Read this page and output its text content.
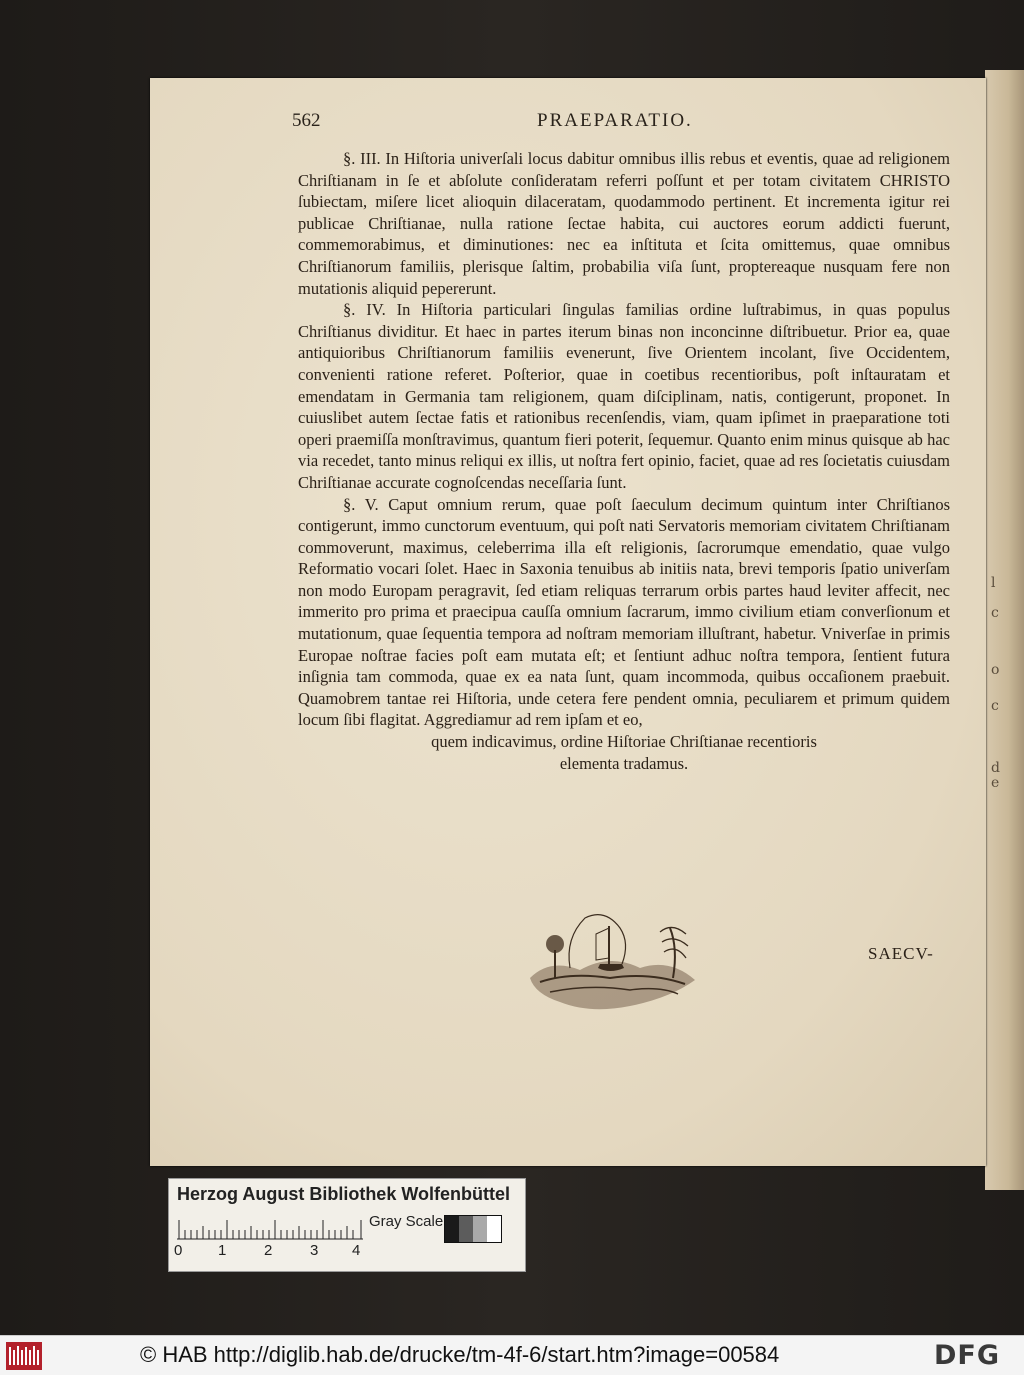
l
c
o
c
d
e
562	PRAEPARATIO.

§. III. In Hiſtoria univerſali locus dabitur omnibus illis rebus et eventis, quae ad religionem Chriſtianam in ſe et abſolute conſideratam referri poſſunt et per totam civitatem CHRISTO ſubiectam, miſere licet alioquin dilaceratam, quodammodo pertinent. Et incrementa igitur rei publicae Chriſtianae, nulla ratione ſectae habita, cui auctores eorum addicti fuerunt, commemorabimus, et diminutiones: nec ea inſtituta et ſcita omittemus, quae omnibus Chriſtianorum familiis, plerisque ſaltim, probabilia viſa ſunt, proptereaque nusquam fere non mutationis aliquid pepererunt.

§. IV. In Hiſtoria particulari ſingulas familias ordine luſtrabimus, in quas populus Chriſtianus dividitur. Et haec in partes iterum binas non inconcinne diſtribuetur. Prior ea, quae antiquioribus Chriſtianorum familiis evenerunt, ſive Orientem incolant, ſive Occidentem, convenienti ratione referet. Poſterior, quae in coetibus recentioribus, poſt inſtauratam et emendatam in Germania tam religionem, quam diſciplinam, natis, contigerunt, proponet. In cuiuslibet autem ſectae fatis et rationibus recenſendis, viam, quam ipſimet in praeparatione toti operi praemiſſa monſtravimus, quantum fieri poterit, ſequemur. Quanto enim minus quisque ab hac via recedet, tanto minus reliqui ex illis, ut noſtra fert opinio, faciet, quae ad res ſocietatis cuiusdam Chriſtianae accurate cognoſcendas neceſſaria ſunt.

§. V. Caput omnium rerum, quae poſt ſaeculum decimum quintum inter Chriſtianos contigerunt, immo cunctorum eventuum, qui poſt nati Servatoris memoriam civitatem Chriſtianam commoverunt, maximus, celeberrima illa eſt religionis, ſacrorumque emendatio, quae vulgo Reformatio vocari ſolet. Haec in Saxonia tenuibus ab initiis nata, brevi temporis ſpatio univerſam non modo Europam peragravit, ſed etiam reliquas terrarum orbis partes haud leviter affecit, nec immerito pro prima et praecipua cauſſa omnium ſacrarum, immo civilium etiam converſionum et mutationum, quae ſequentia tempora ad noſtram memoriam illuſtrant, habetur. Vniverſae in primis Europae noſtrae facies poſt eam mutata eſt; et ſentiunt adhuc noſtra tempora, ſentient futura inſignia tam commoda, quae ex ea nata ſunt, quam incommoda, quibus occaſionem praebuit. Quamobrem tantae rei Hiſtoria, unde cetera fere pendent omnia, peculiarem et primum quidem locum ſibi flagitat. Aggrediamur ad rem ipſam et eo,

quem indicavimus, ordine Hiſtoriae Chriſtianae recentioris
elementa tradamus.
SAECV-
Herzog August Bibliothek Wolfenbüttel
Gray Scale
0 1	2	3 4
© HAB http://diglib.hab.de/drucke/tm-4f-6/start.htm?image=00584	DFG
